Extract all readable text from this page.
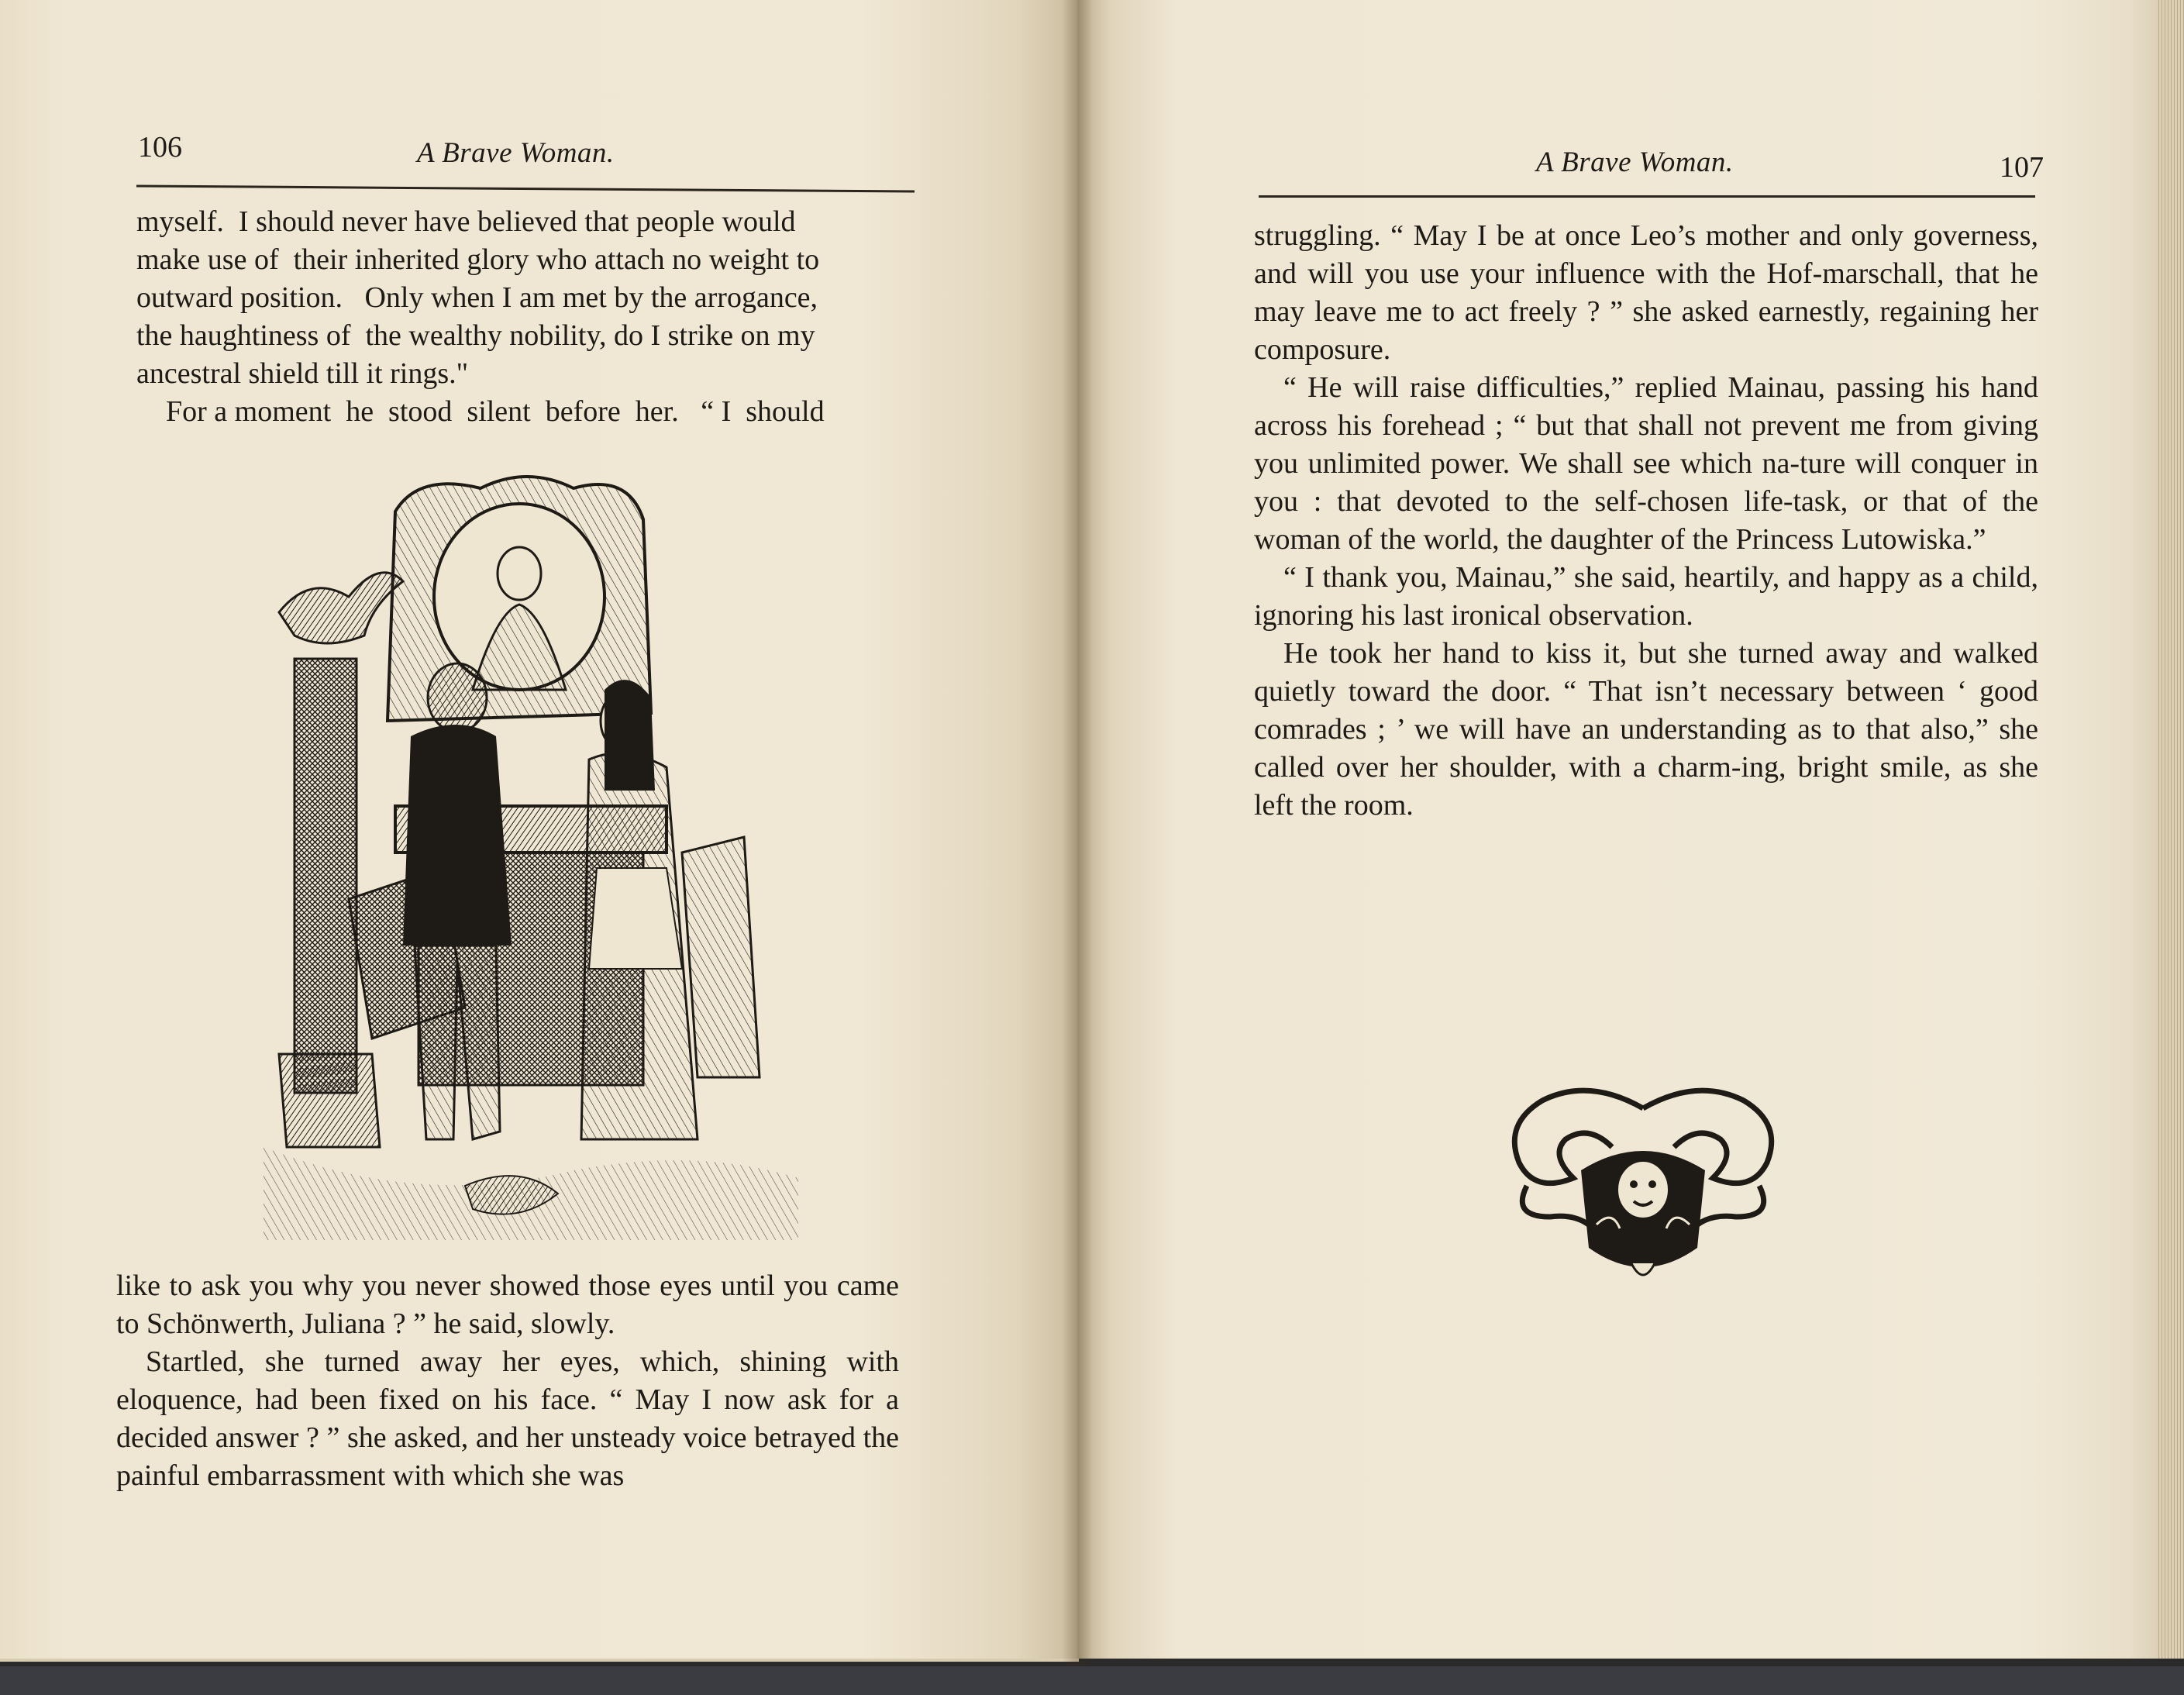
106	A Brave Woman.
myself.  I should never have believed that people would
make use of  their inherited glory who attach no weight to
outward position.   Only when I am met by the arrogance,
the haughtiness of  the wealthy nobility, do I strike on my
ancestral shield till it rings."
For a moment  he  stood  silent  before  her.   “ I  should

like to ask you why you never showed those eyes until you came to Schönwerth, Juliana ? ” he said, slowly.

Startled, she turned away her eyes, which, shining with eloquence, had been fixed on his face. “ May I now ask for a decided answer ? ” she asked, and her unsteady voice betrayed the painful embarrassment with which she was

A Brave Woman.	107

struggling. “ May I be at once Leo’s mother and only governess, and will you use your influence with the Hof-marschall, that he may leave me to act freely ? ” she asked earnestly, regaining her composure.

“ He will raise difficulties,” replied Mainau, passing his hand across his forehead ; “ but that shall not prevent me from giving you unlimited power. We shall see which na-ture will conquer in you : that devoted to the self-chosen life-task, or that of the woman of the world, the daughter of the Princess Lutowiska.”

“ I thank you, Mainau,” she said, heartily, and happy as a child, ignoring his last ironical observation.

He took her hand to kiss it, but she turned away and walked quietly toward the door. “ That isn’t necessary between ‘ good comrades ; ’ we will have an understanding as to that also,” she called over her shoulder, with a charm-ing, bright smile, as she left the room.
